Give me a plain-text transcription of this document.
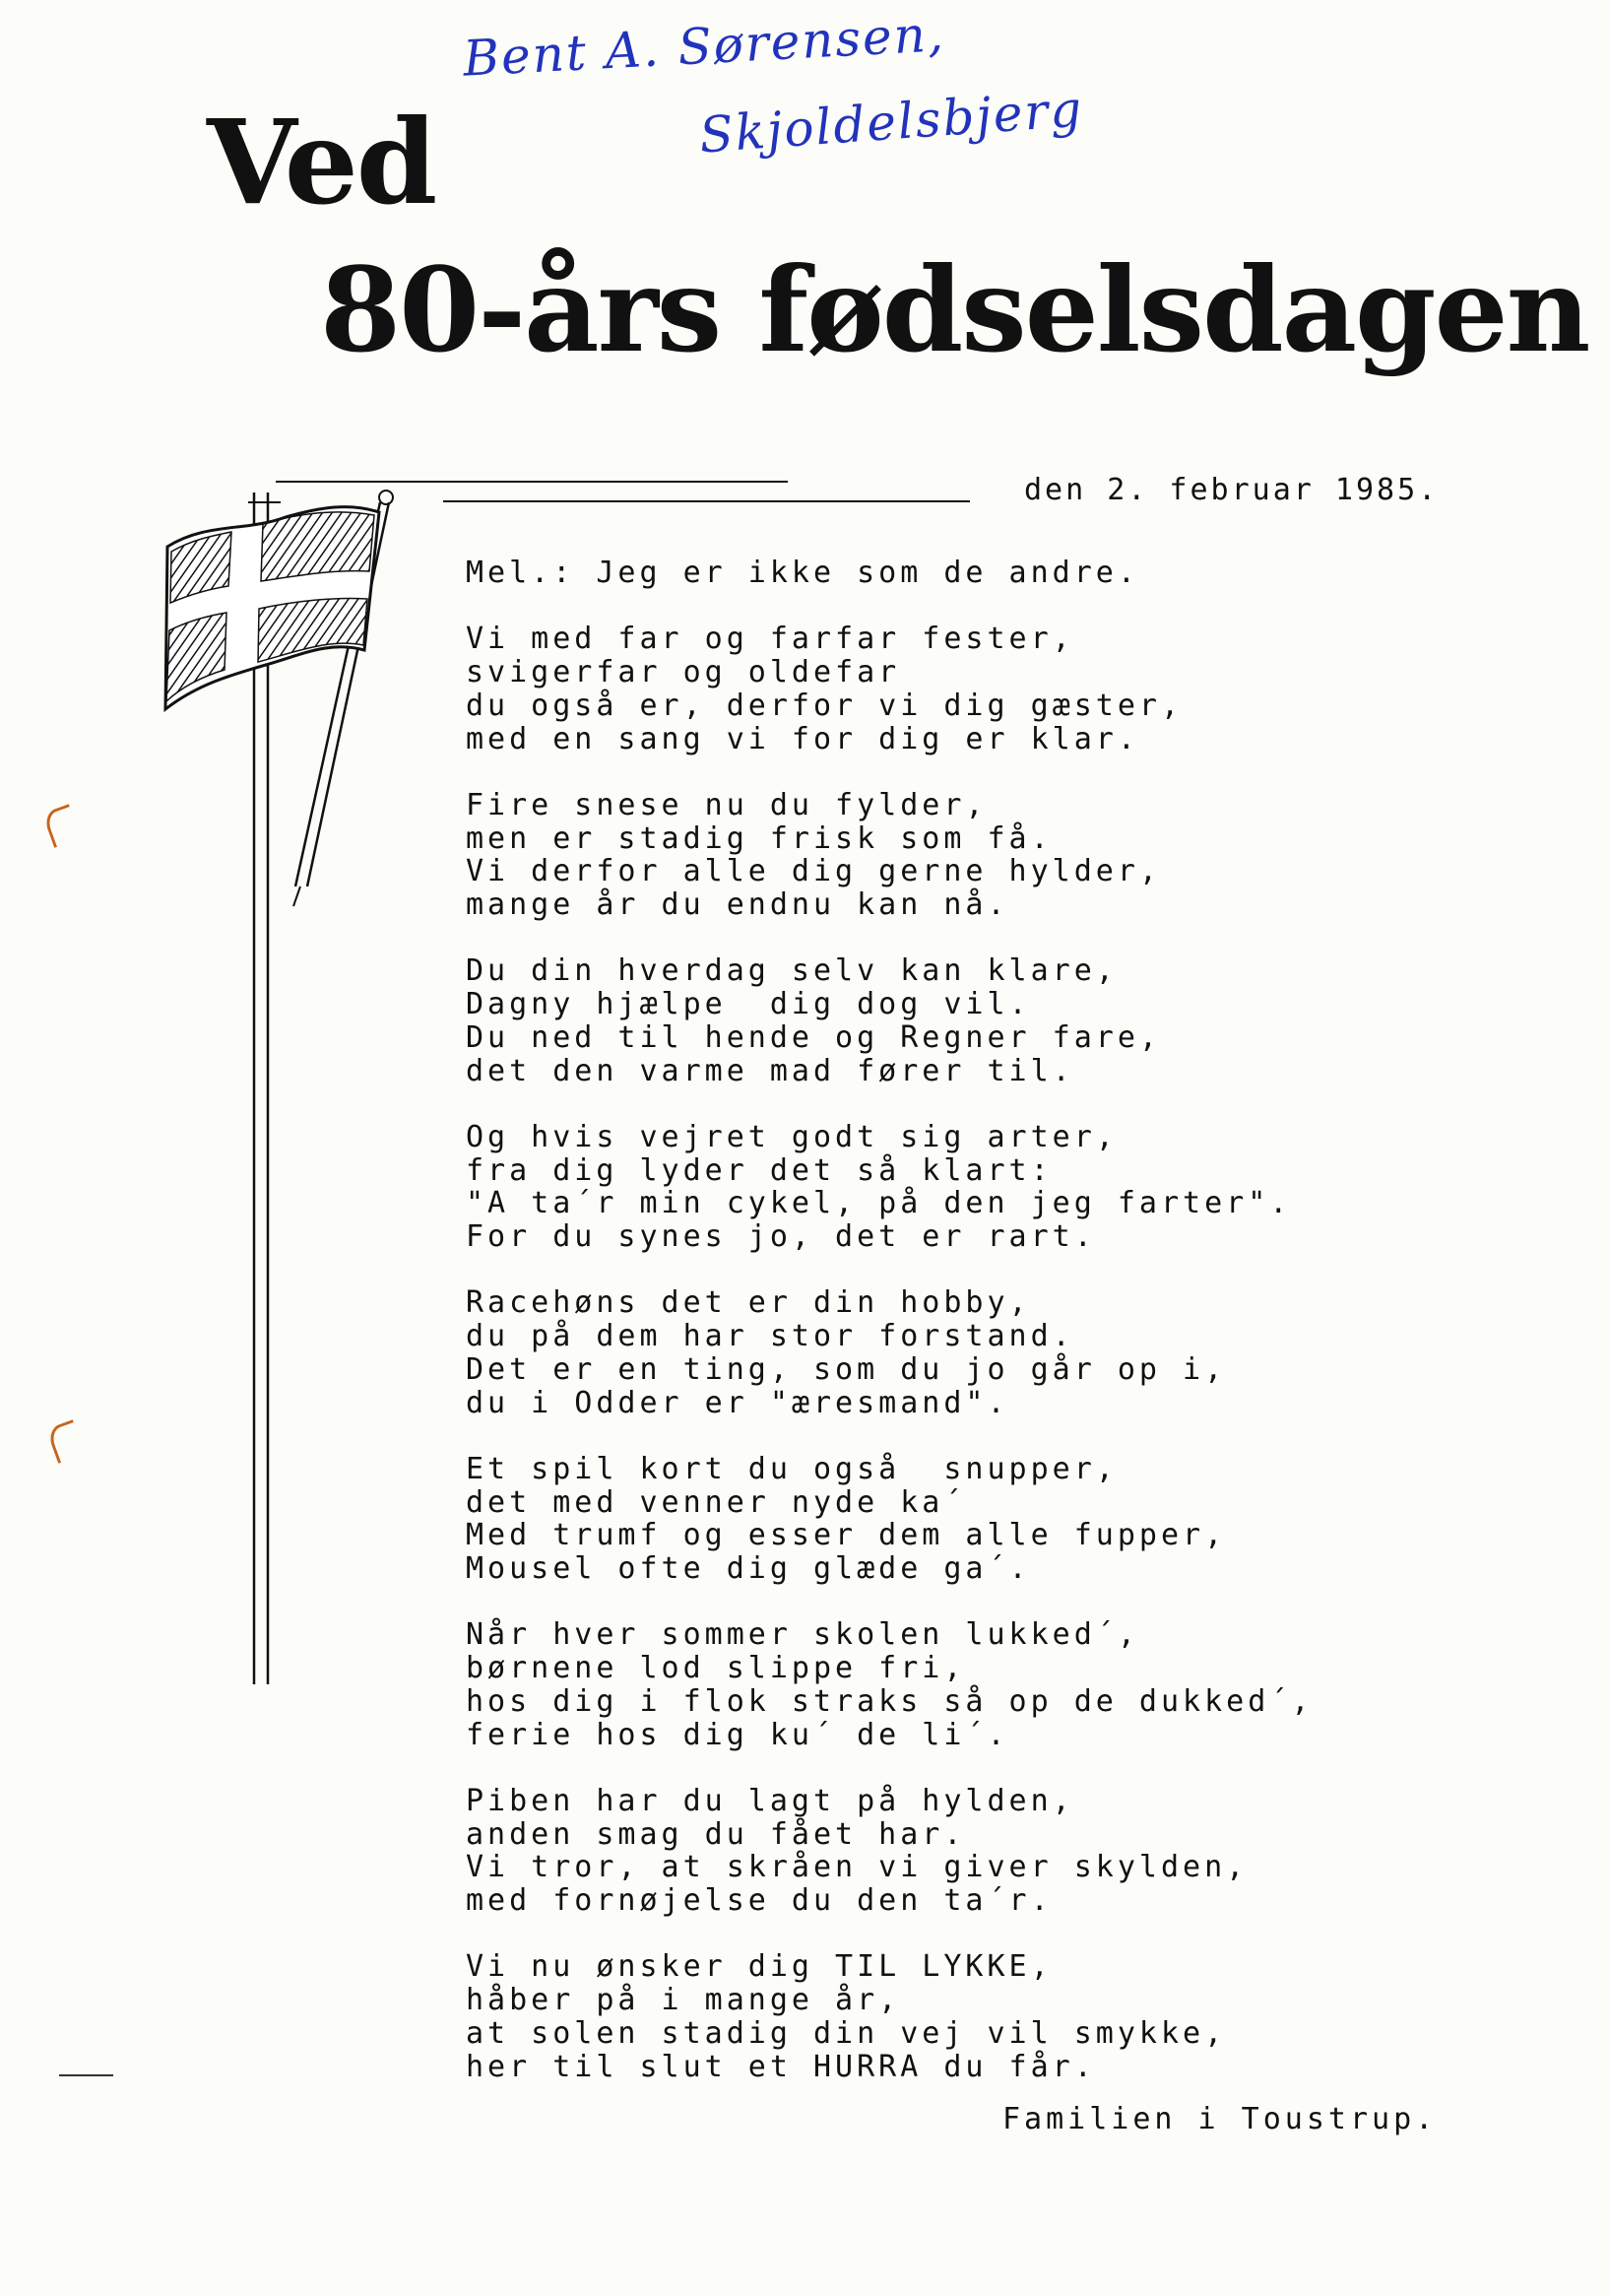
Bent A. Sørensen,
Skjoldelsbjerg
Ved
80-års fødselsdagen
den 2. februar 1985.
Mel.: Jeg er ikke som de andre.
Vi med far og farfar fester,
svigerfar og oldefar
du også er, derfor vi dig gæster,
med en sang vi for dig er klar.
Fire snese nu du fylder,
men er stadig frisk som få.
Vi derfor alle dig gerne hylder,
mange år du endnu kan nå.
Du din hverdag selv kan klare,
Dagny hjælpe  dig dog vil.
Du ned til hende og Regner fare,
det den varme mad fører til.
Og hvis vejret godt sig arter,
fra dig lyder det så klart:
"A ta´r min cykel, på den jeg farter".
For du synes jo, det er rart.
Racehøns det er din hobby,
du på dem har stor forstand.
Det er en ting, som du jo går op i,
du i Odder er "æresmand".
Et spil kort du også  snupper,
det med venner nyde ka´
Med trumf og esser dem alle fupper,
Mousel ofte dig glæde ga´.
Når hver sommer skolen lukked´,
børnene lod slippe fri,
hos dig i flok straks så op de dukked´,
ferie hos dig ku´ de li´.
Piben har du lagt på hylden,
anden smag du fået har.
Vi tror, at skråen vi giver skylden,
med fornøjelse du den ta´r.
Vi nu ønsker dig TIL LYKKE,
håber på i mange år,
at solen stadig din vej vil smykke,
her til slut et HURRA du får.
Familien i Toustrup.
